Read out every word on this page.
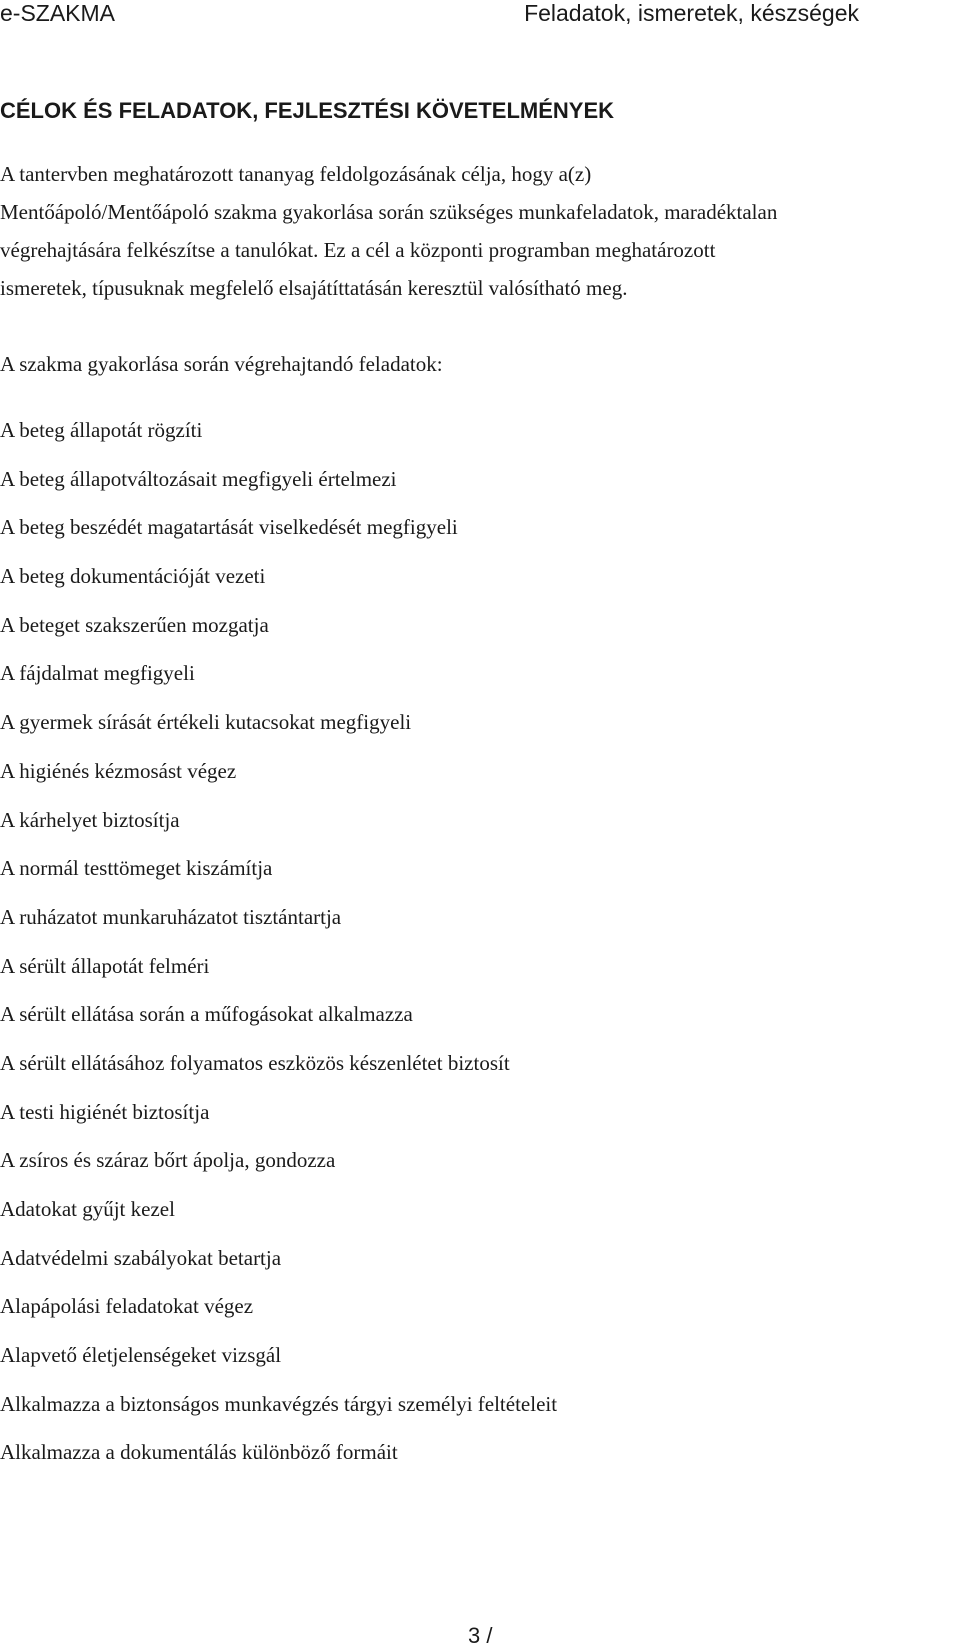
e-SZAKMA	Feladatok, ismeretek, készségek
CÉLOK ÉS FELADATOK, FEJLESZTÉSI KÖVETELMÉNYEK

A tantervben meghatározott tananyag feldolgozásának célja, hogy a(z)
Mentőápoló/Mentőápoló szakma gyakorlása során szükséges munkafeladatok, maradéktalan
végrehajtására felkészítse a tanulókat. Ez a cél a központi programban meghatározott
ismeretek, típusuknak megfelelő elsajátíttatásán keresztül valósítható meg.

A szakma gyakorlása során végrehajtandó feladatok:

A beteg állapotát rögzíti
A beteg állapotváltozásait megfigyeli értelmezi
A beteg beszédét magatartását viselkedését megfigyeli
A beteg dokumentációját vezeti
A beteget szakszerűen mozgatja
A fájdalmat megfigyeli
A gyermek sírását értékeli kutacsokat megfigyeli
A higiénés kézmosást végez
A kárhelyet biztosítja
A normál testtömeget kiszámítja
A ruházatot munkaruházatot tisztántartja
A sérült állapotát felméri
A sérült ellátása során a műfogásokat alkalmazza
A sérült ellátásához folyamatos eszközös készenlétet biztosít
A testi higiénét biztosítja
A zsíros és száraz bőrt ápolja, gondozza
Adatokat gyűjt kezel
Adatvédelmi szabályokat betartja
Alapápolási feladatokat végez
Alapvető életjelenségeket vizsgál
Alkalmazza a biztonságos munkavégzés tárgyi személyi feltételeit
Alkalmazza a dokumentálás különböző formáit
3 /
